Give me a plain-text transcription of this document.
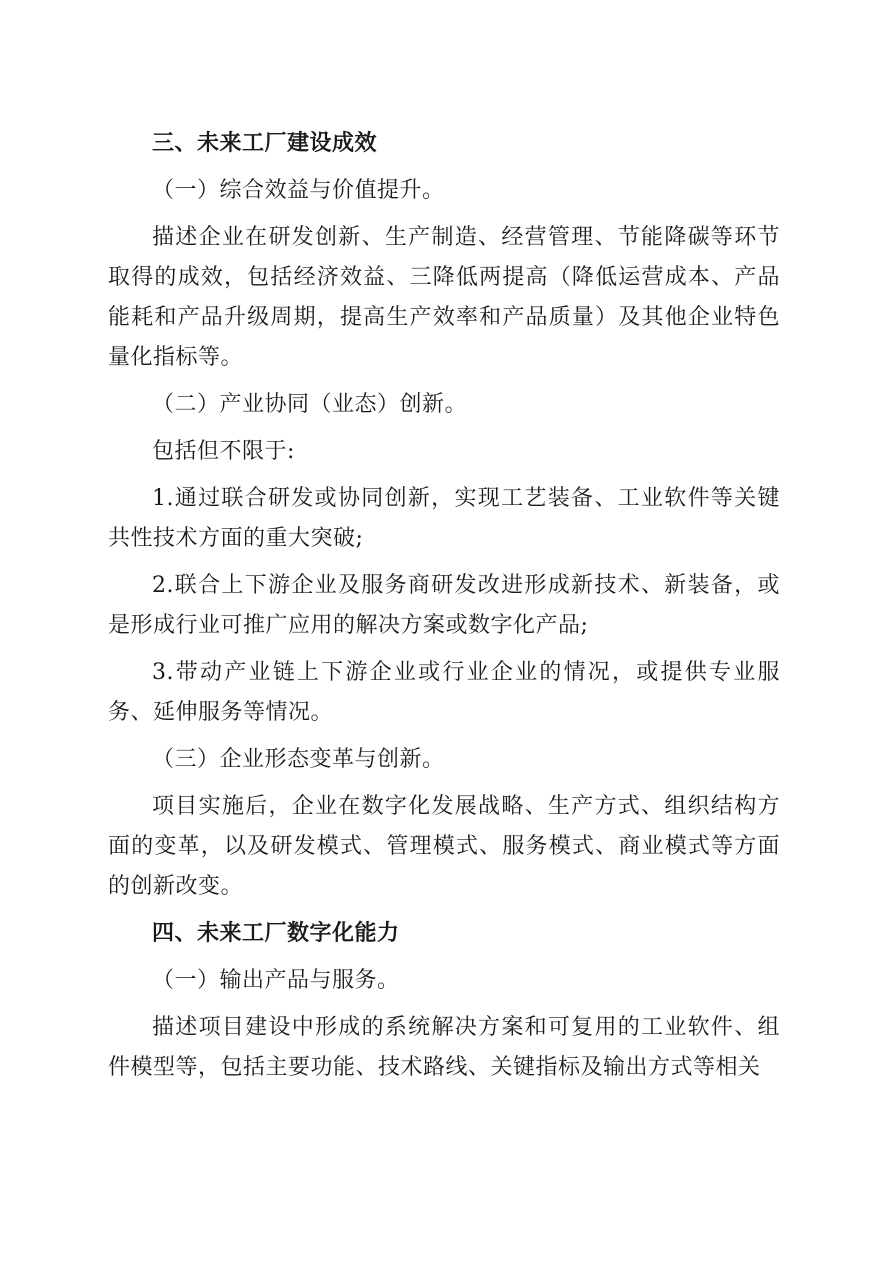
三、未来工厂建设成效

（一）综合效益与价值提升。

描述企业在研发创新、生产制造、经营管理、节能降碳等环节取得的成效，包括经济效益、三降低两提高（降低运营成本、产品能耗和产品升级周期，提高生产效率和产品质量）及其他企业特色量化指标等。

（二）产业协同（业态）创新。

包括但不限于:

1.通过联合研发或协同创新，实现工艺装备、工业软件等关键共性技术方面的重大突破;

2.联合上下游企业及服务商研发改进形成新技术、新装备，或是形成行业可推广应用的解决方案或数字化产品;

3.带动产业链上下游企业或行业企业的情况，或提供专业服务、延伸服务等情况。

（三）企业形态变革与创新。

项目实施后，企业在数字化发展战略、生产方式、组织结构方面的变革，以及研发模式、管理模式、服务模式、商业模式等方面的创新改变。

四、未来工厂数字化能力

（一）输出产品与服务。

描述项目建设中形成的系统解决方案和可复用的工业软件、组件模型等，包括主要功能、技术路线、关键指标及输出方式等相关
